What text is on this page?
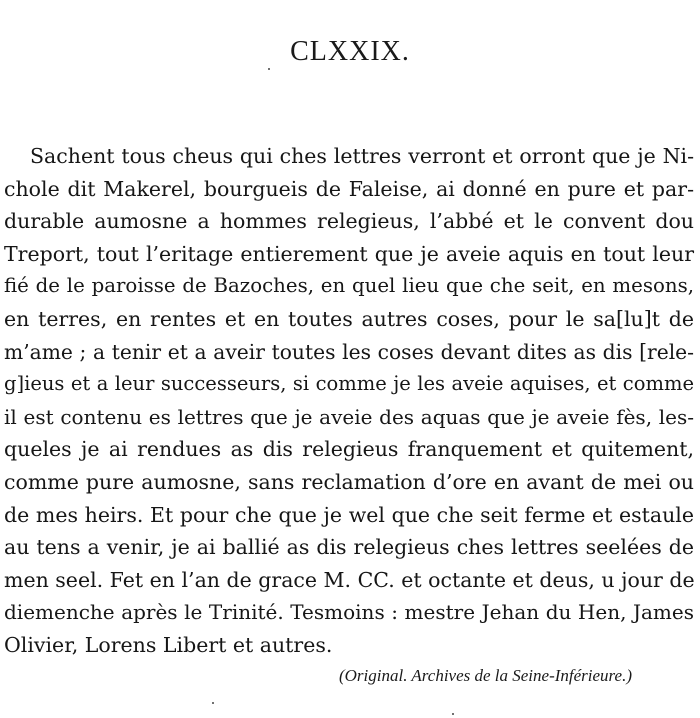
CLXXIX.
Sachent tous cheus qui ches lettres verront et orront que je Ni-
chole dit Makerel, bourgueis de Faleise, ai donné en pure et par-
durable aumosne a hommes relegieus, l’abbé et le convent dou
Treport, tout l’eritage entierement que je aveie aquis en tout leur
fié de le paroisse de Bazoches, en quel lieu que che seit, en mesons,
en terres, en rentes et en toutes autres coses, pour le sa[lu]t de
m’ame ; a tenir et a aveir toutes les coses devant dites as dis [rele-
g]ieus et a leur successeurs, si comme je les aveie aquises, et comme
il est contenu es lettres que je aveie des aquas que je aveie fès, les-
queles je ai rendues as dis relegieus franquement et quitement,
comme pure aumosne, sans reclamation d’ore en avant de mei ou
de mes heirs. Et pour che que je wel que che seit ferme et estaule
au tens a venir, je ai ballié as dis relegieus ches lettres seelées de
men seel. Fet en l’an de grace M. CC. et octante et deus, u jour de
diemenche après le Trinité. Tesmoins : mestre Jehan du Hen, James
Olivier, Lorens Libert et autres.
(Original. Archives de la Seine-Inférieure.)
